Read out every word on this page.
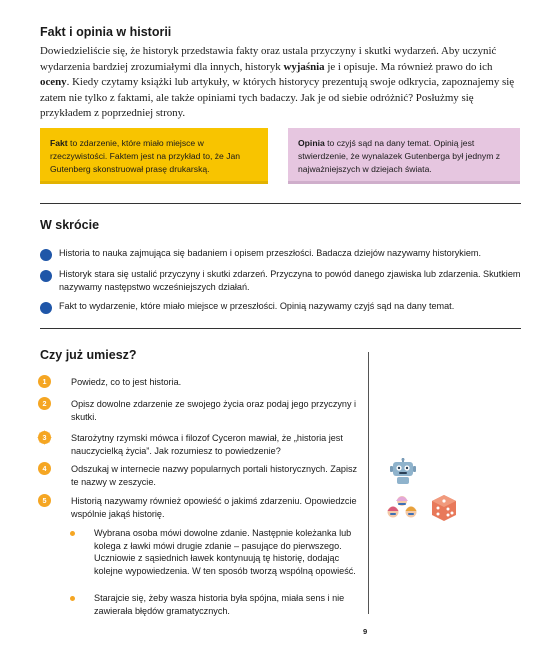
Fakt i opinia w historii
Dowiedzieliście się, że historyk przedstawia fakty oraz ustala przyczyny i skutki wydarzeń. Aby uczynić wydarzenia bardziej zrozumiałymi dla innych, historyk wyjaśnia je i opisuje. Ma również prawo do ich oceny. Kiedy czytamy książki lub artykuły, w których historycy prezentują swoje odkrycia, zapoznajemy się zatem nie tylko z faktami, ale także opiniami tych badaczy. Jak je od siebie odróżnić? Posłużmy się przykładem z poprzedniej strony.
Fakt to zdarzenie, które miało miejsce w rzeczywistości. Faktem jest na przykład to, że Jan Gutenberg skonstruował prasę drukarską.
Opinia to czyjś sąd na dany temat. Opinią jest stwierdzenie, że wynalazek Gutenberga był jednym z najważniejszych w dziejach świata.
W skrócie
Historia to nauka zajmująca się badaniem i opisem przeszłości. Badacza dziejów nazywamy historykiem.
Historyk stara się ustalić przyczyny i skutki zdarzeń. Przyczyna to powód danego zjawiska lub zdarzenia. Skutkiem nazywamy następstwo wcześniejszych działań.
Fakt to wydarzenie, które miało miejsce w przeszłości. Opinią nazywamy czyjś sąd na dany temat.
Czy już umiesz?
1	Powiedz, co to jest historia.
2	Opisz dowolne zdarzenie ze swojego życia oraz podaj jego przyczyny i skutki.
3	Starożytny rzymski mówca i filozof Cyceron mawiał, że „historia jest nauczycielką życia”. Jak rozumiesz to powiedzenie?
4	Odszukaj w internecie nazwy popularnych portali historycznych. Zapisz te nazwy w zeszycie.
5	Historią nazywamy również opowieść o jakimś zdarzeniu. Opowiedzcie wspólnie jakąś historię.
Wybrana osoba mówi dowolne zdanie. Następnie koleżanka lub kolega z ławki mówi drugie zdanie – pasujące do pierwszego. Uczniowie z sąsiednich ławek kontynuują tę historię, dodając kolejne wypowiedzenia. W ten sposób tworzą wspólną opowieść.
Starajcie się, żeby wasza historia była spójna, miała sens i nie zawierała błędów gramatycznych.
9
